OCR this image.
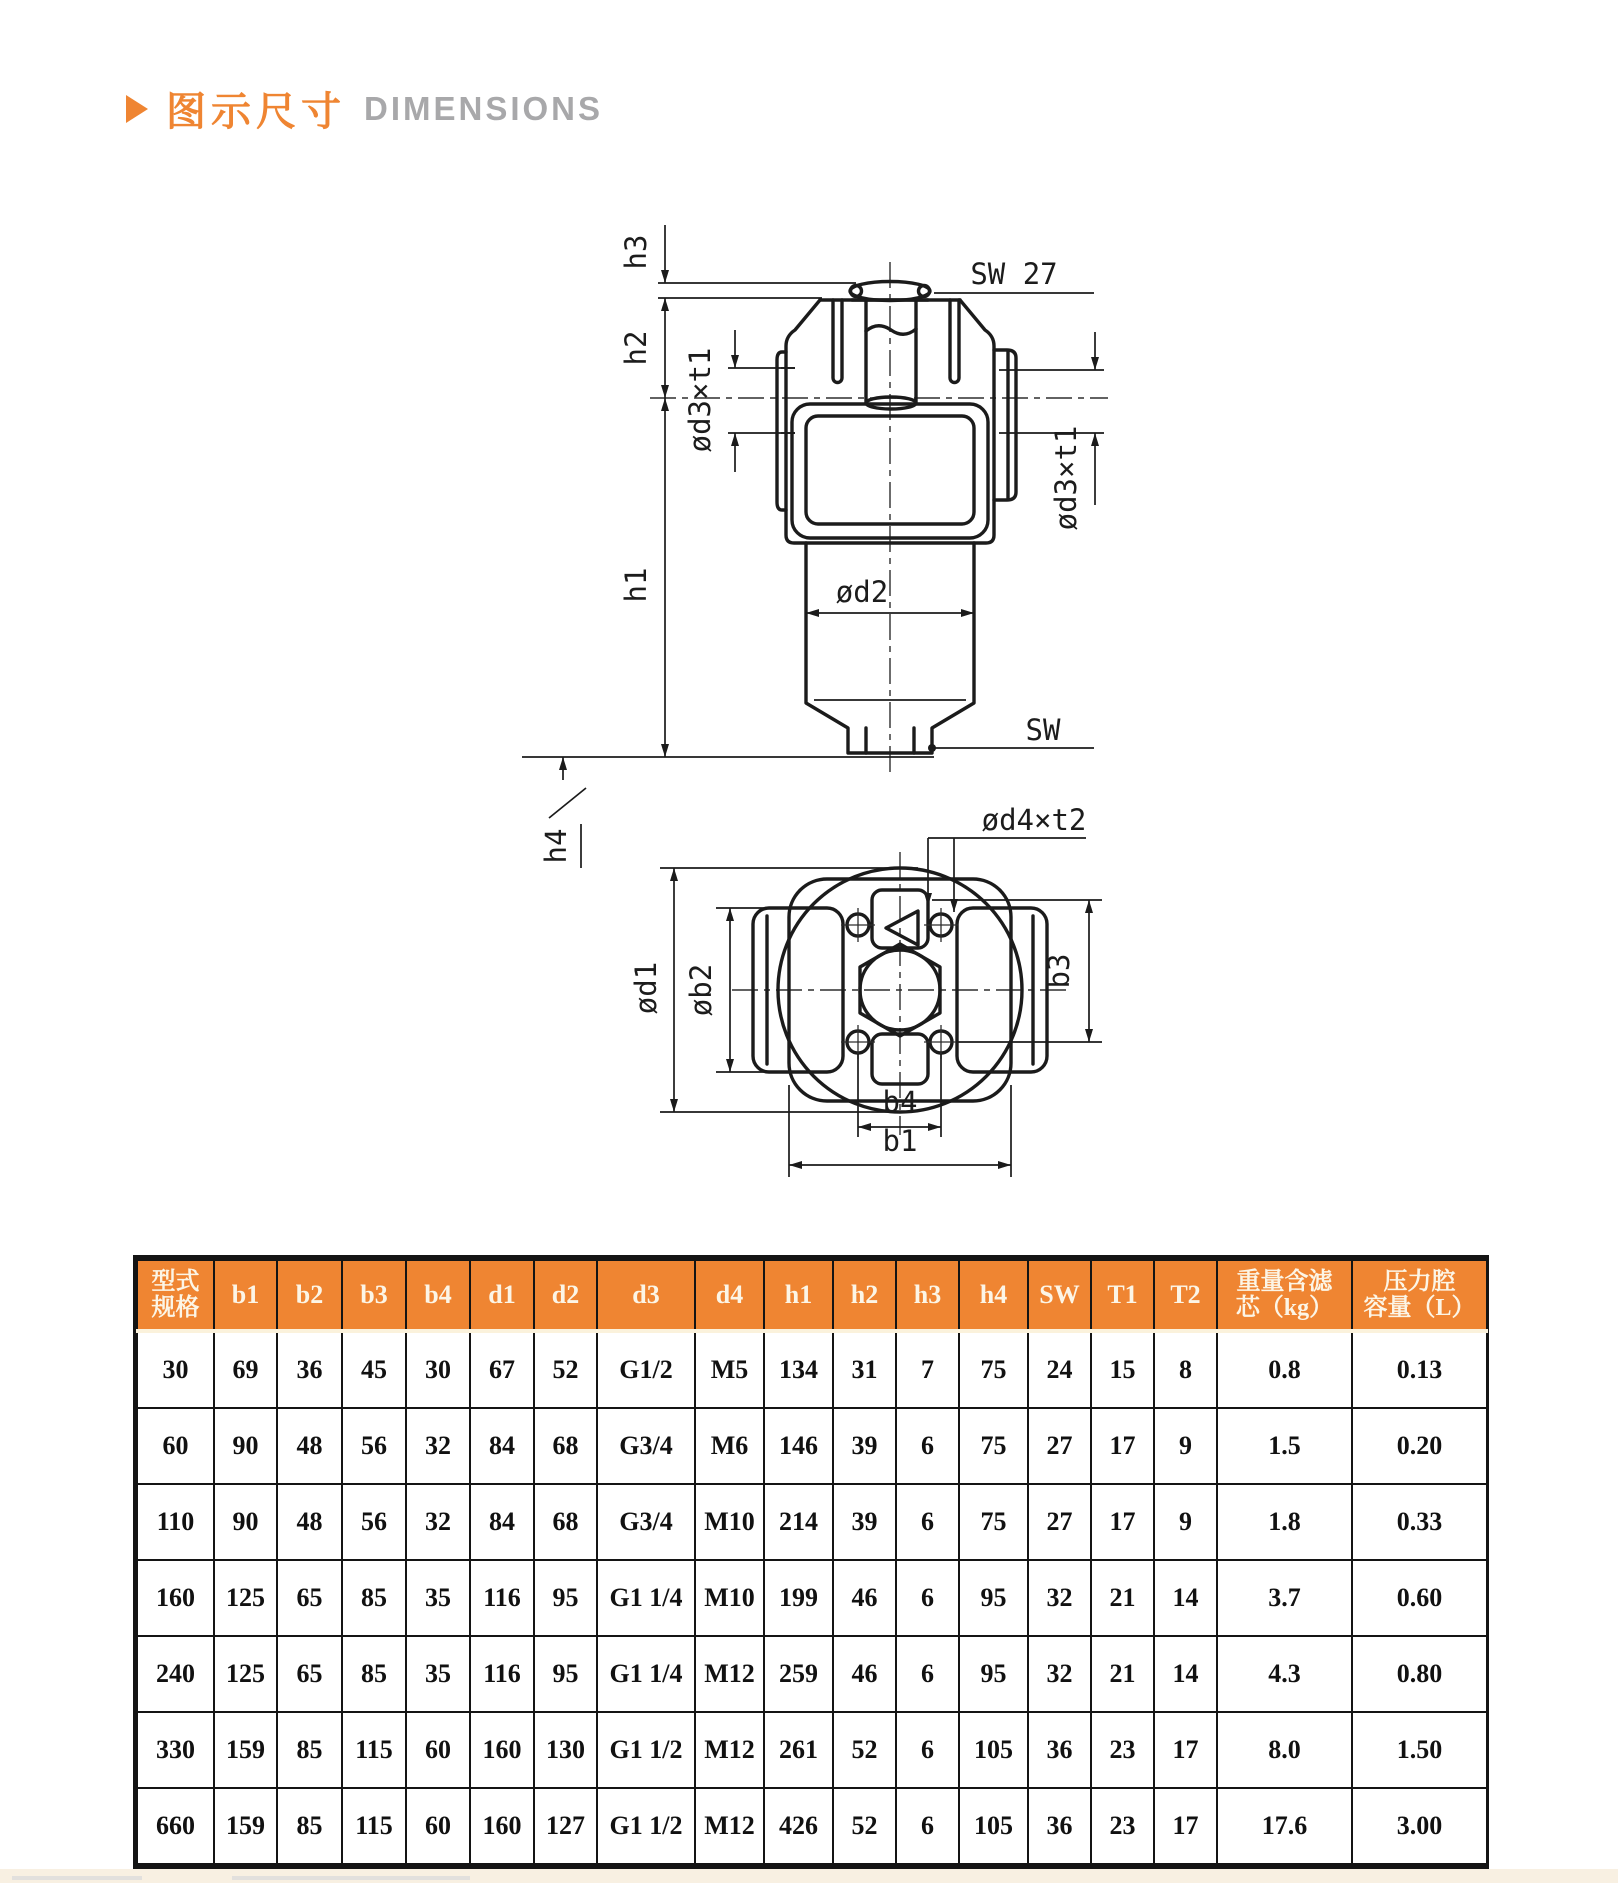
图示尺寸 DIMENSIONS
h3
h2
h1
h4
ød3×t1
ød3×t1
SW 27
ød2
SW
ød4×t2
ød1 øb2	b3
b4
b1
型式
规格	b1	b2	b3	b4	d1	d2	d3	d4	h1	h2	h3	h4	SW	T1	T2	重量含滤
芯（kg）	压力腔
容量（L）
30	69	36	45	30	67	52	G1/2	M5	134	31	7	75	24	15	8	0.8	0.13
60	90	48	56	32	84	68	G3/4	M6	146	39	6	75	27	17	9	1.5	0.20
110	90	48	56	32	84	68	G3/4	M10	214	39	6	75	27	17	9	1.8	0.33
160	125	65	85	35	116	95	G1 1/4	M10	199	46	6	95	32	21	14	3.7	0.60
240	125	65	85	35	116	95	G1 1/4	M12	259	46	6	95	32	21	14	4.3	0.80
330	159	85	115	60	160	130	G1 1/2	M12	261	52	6	105	36	23	17	8.0	1.50
660	159	85	115	60	160	127	G1 1/2	M12	426	52	6	105	36	23	17	17.6	3.00
